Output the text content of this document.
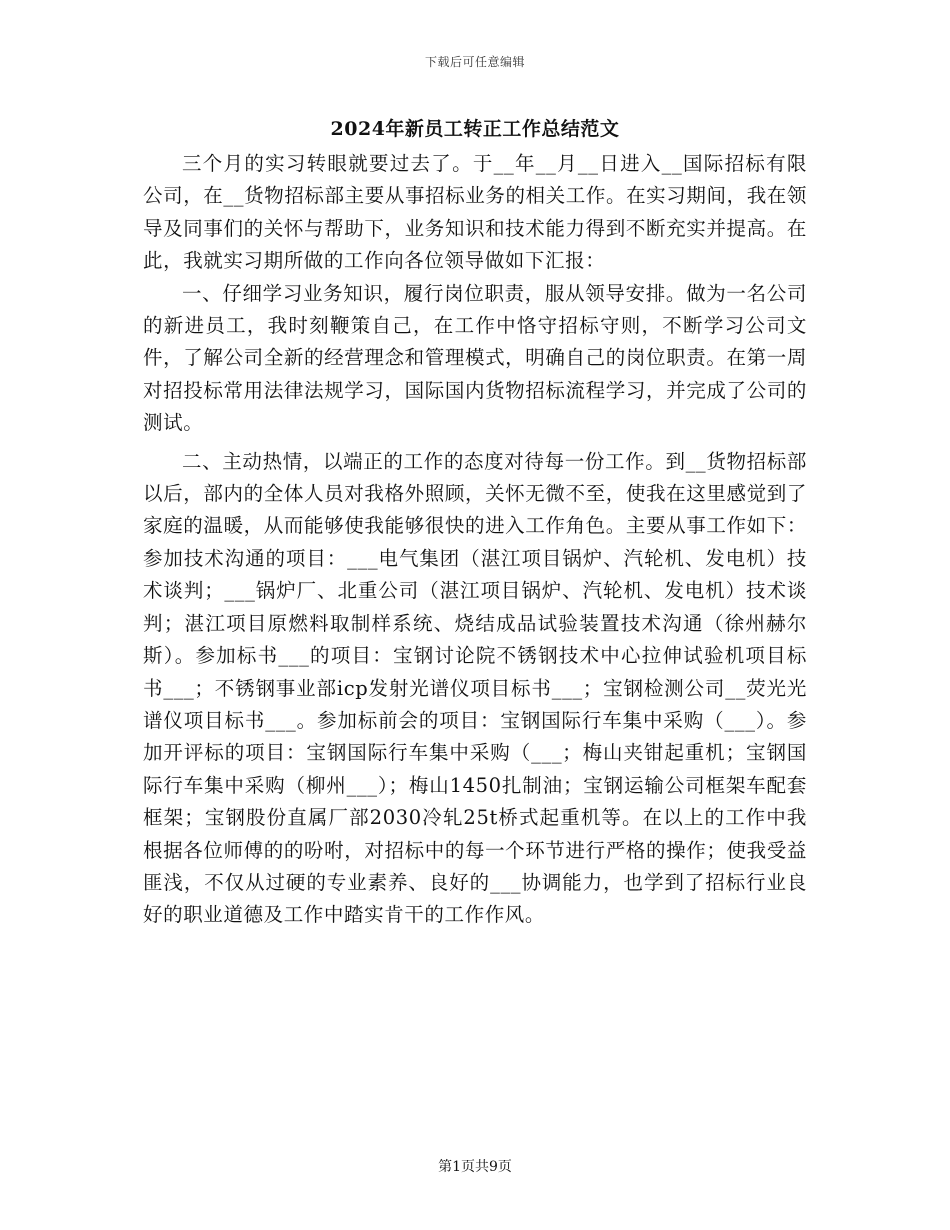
下载后可任意编辑
2024年新员工转正工作总结范文

三个月的实习转眼就要过去了。于__年__月__日进入__国际招标有限公司，在__货物招标部主要从事招标业务的相关工作。在实习期间，我在领导及同事们的关怀与帮助下，业务知识和技术能力得到不断充实并提高。在此，我就实习期所做的工作向各位领导做如下汇报：

一、仔细学习业务知识，履行岗位职责，服从领导安排。做为一名公司的新进员工，我时刻鞭策自己，在工作中恪守招标守则，不断学习公司文件，了解公司全新的经营理念和管理模式，明确自己的岗位职责。在第一周对招投标常用法律法规学习，国际国内货物招标流程学习，并完成了公司的测试。

二、主动热情，以端正的工作的态度对待每一份工作。到__货物招标部以后，部内的全体人员对我格外照顾，关怀无微不至，使我在这里感觉到了家庭的温暖，从而能够使我能够很快的进入工作角色。主要从事工作如下：参加技术沟通的项目：___电气集团（湛江项目锅炉、汽轮机、发电机）技术谈判；___锅炉厂、北重公司（湛江项目锅炉、汽轮机、发电机）技术谈判；湛江项目原燃料取制样系统、烧结成品试验装置技术沟通（徐州赫尔斯）。参加标书___的项目：宝钢讨论院不锈钢技术中心拉伸试验机项目标书___；不锈钢事业部icp发射光谱仪项目标书___；宝钢检测公司__荧光光谱仪项目标书___。参加标前会的项目：宝钢国际行车集中采购（___）。参加开评标的项目：宝钢国际行车集中采购（___；梅山夹钳起重机；宝钢国际行车集中采购（柳州___）；梅山1450扎制油；宝钢运输公司框架车配套框架；宝钢股份直属厂部2030冷轧25t桥式起重机等。在以上的工作中我根据各位师傅的的吩咐，对招标中的每一个环节进行严格的操作；使我受益匪浅，不仅从过硬的专业素养、良好的___协调能力，也学到了招标行业良好的职业道德及工作中踏实肯干的工作作风。

第1页共9页
